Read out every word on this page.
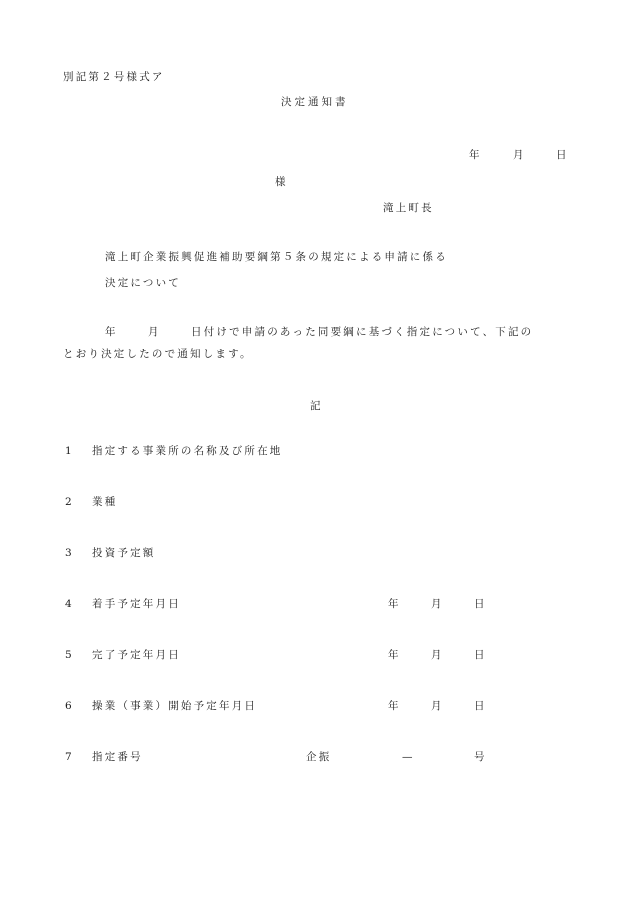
別記第２号様式ア
決定通知書
年	月	日
様
滝上町長
滝上町企業振興促進補助要綱第５条の規定による申請に係る
決定について
年	月	日付けで申請のあった同要綱に基づく指定について、下記の
とおり決定したので通知します。
記
1 指定する事業所の名称及び所在地
2 業種
3 投資予定額
4 着手予定年月日	年	月	日
5 完了予定年月日	年	月	日
6 操業（事業）開始予定年月日	年	月	日
7 指定番号	企振	—	号
